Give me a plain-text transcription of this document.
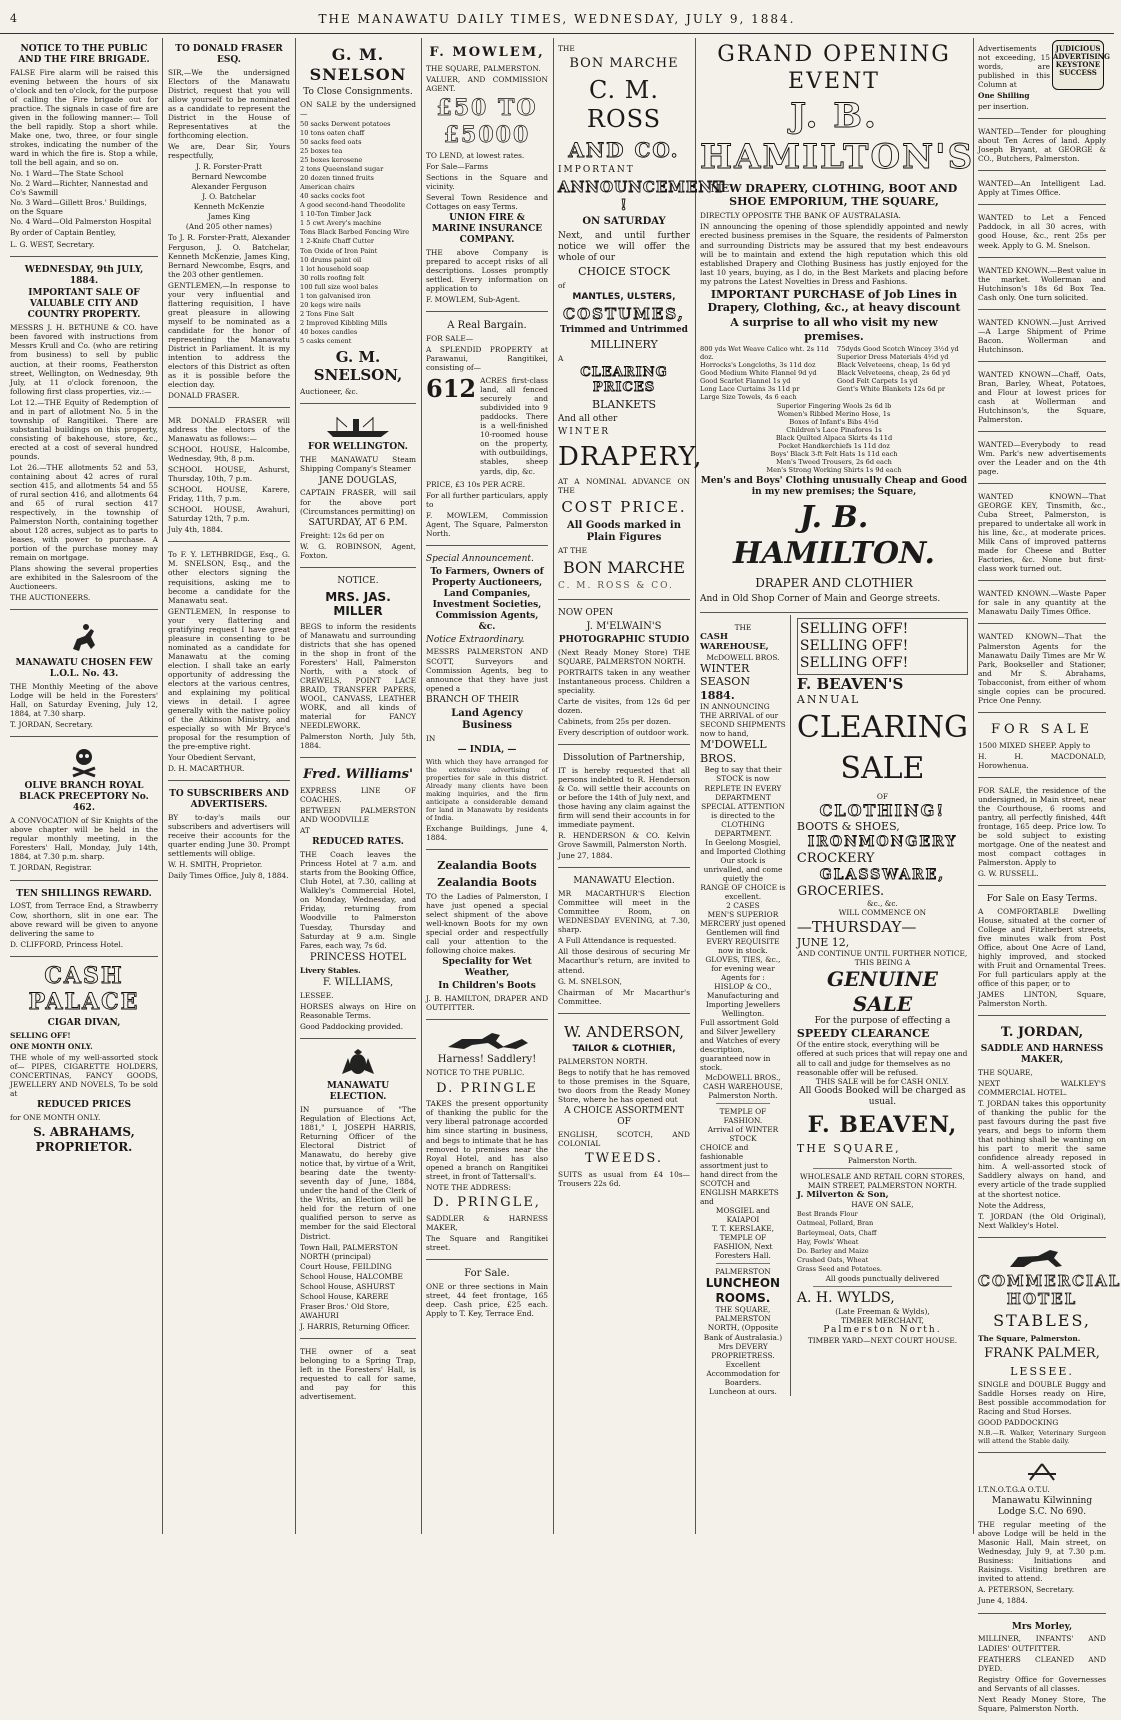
4	THE MANAWATU DAILY TIMES, WEDNESDAY, JULY 9, 1884.
NOTICE TO THE PUBLIC AND THE FIRE BRIGADE.

FALSE Fire alarm will be raised this evening between the hours of six o'clock and ten o'clock, for the purpose of calling the Fire brigade out for practice. The signals in case of fire are given in the following manner:— Toll the bell rapidly. Stop a short while. Make one, two, three, or four single strokes, indicating the number of the ward in which the fire is. Stop a while, toll the bell again, and so on.

No. 1 Ward—The State School
No. 2 Ward—Richter, Nannestad and Co's Sawmill
No. 3 Ward—Gillett Bros.' Buildings, on the Square
No. 4 Ward—Old Palmerston Hospital

By order of Captain Bentley,

L. G. WEST, Secretary.

WEDNESDAY, 9th JULY, 1884.
IMPORTANT SALE OF VALUABLE CITY AND COUNTRY PROPERTY.

MESSRS J. H. BETHUNE & CO. have been favored with instructions from Messrs Krull and Co. (who are retiring from business) to sell by public auction, at their rooms, Featherston street, Wellington, on Wednesday, 9th July, at 11 o'clock forenoon, the following first class properties, viz.:—

Lot 12.—THE Equity of Redemption of and in part of allotment No. 5 in the township of Rangitikei. There are substantial buildings on this property, consisting of bakehouse, store, &c., erected at a cost of several hundred pounds.

Lot 26.—THE allotments 52 and 53, containing about 42 acres of rural section 415, and allotments 54 and 55 of rural section 416, and allotments 64 and 65 of rural section 417 respectively, in the township of Palmerston North, containing together about 128 acres, subject as to parts to leases, with power to purchase. A portion of the purchase money may remain on mortgage.

Plans showing the several properties are exhibited in the Salesroom of the Auctioneers.

THE AUCTIONEERS.

MANAWATU CHOSEN FEW L.O.L. No. 43.

THE Monthly Meeting of the above Lodge will be held in the Foresters' Hall, on Saturday Evening, July 12, 1884, at 7.30 sharp.

T. JORDAN, Secretary.

OLIVE BRANCH ROYAL BLACK PRECEPTORY No. 462.

A CONVOCATION of Sir Knights of the above chapter will be held in the regular monthly meeting, in the Foresters' Hall, Monday, July 14th, 1884, at 7.30 p.m. sharp.

T. JORDAN, Registrar.

TEN SHILLINGS REWARD.

LOST, from Terrace End, a Strawberry Cow, shorthorn, slit in one ear. The above reward will be given to anyone delivering the same to

D. CLIFFORD, Princess Hotel.

CASH PALACE
CIGAR DIVAN,

SELLING OFF!

ONE MONTH ONLY.

THE whole of my well-assorted stock of— PIPES, CIGARETTE HOLDERS, CONCERTINAS, FANCY GOODS, JEWELLERY AND NOVELS, To be sold at

REDUCED PRICES

for ONE MONTH ONLY.

S. ABRAHAMS, PROPRIETOR.
TO DONALD FRASER ESQ.

SIR,—We the undersigned Electors of the Manawatu District, request that you will allow yourself to be nominated as a candidate to represent the District in the House of Representatives at the forthcoming election.

We are, Dear Sir, Yours respectfully,

J. R. Forster-Pratt
Bernard Newcombe
Alexander Ferguson
J. O. Batchelar
Kenneth McKenzie
James King
(And 205 other names)

To J. R. Forster-Pratt, Alexander Ferguson, J. O. Batchelar, Kenneth McKenzie, James King, Bernard Newcombe, Esqrs, and the 203 other gentlemen.

GENTLEMEN,—In response to your very influential and flattering requisition, I have great pleasure in allowing myself to be nominated as a candidate for the honor of representing the Manawatu District in Parliament. It is my intention to address the electors of this District as often as it is possible before the election day.

DONALD FRASER.

MR DONALD FRASER will address the electors of the Manawatu as follows:—

SCHOOL HOUSE, Halcombe, Wednesday, 9th, 8 p.m.

SCHOOL HOUSE, Ashurst, Thursday, 10th, 7 p.m.

SCHOOL HOUSE, Karere, Friday, 11th, 7 p.m.

SCHOOL HOUSE, Awahuri, Saturday 12th, 7 p.m.

July 4th, 1884.

To F. Y. LETHBRIDGE, Esq., G. M. SNELSON, Esq., and the other electors signing the requisitions, asking me to become a candidate for the Manawatu seat.

GENTLEMEN, In response to your very flattering and gratifying request I have great pleasure in consenting to be nominated as a candidate for Manawatu at the coming election. I shall take an early opportunity of addressing the electors at the various centres, and explaining my political views in detail. I agree generally with the native policy of the Atkinson Ministry, and especially so with Mr Bryce's proposal for the resumption of the pre-emptive right.

Your Obedient Servant,

D. H. MACARTHUR.

TO SUBSCRIBERS AND ADVERTISERS.

BY to-day's mails our subscribers and advertisers will receive their accounts for the quarter ending June 30. Prompt settlements will oblige.

W. H. SMITH, Proprietor.

Daily Times Office, July 8, 1884.

G. M. SNELSON
To Close Consignments.

ON SALE by the undersigned—

50 sacks Derwent potatoes
10 tons oaten chaff
50 sacks feed oats
25 boxes tea
25 boxes kerosene
2 tons Queensland sugar
20 dozen tinned fruits
American chairs
40 sacks cocks foot
A good second-hand Theodolite
1 10-Ton Timber Jack
1 5 cwt Avery's machine
Tons Black Barbed Fencing Wire
1 2-Knife Chaff Cutter
Ton Oxide of Iron Paint
10 drums paint oil
1 lot household soap
30 rolls roofing felt
100 full size wool bales
1 ton galvanised iron
20 kegs wire nails
2 Tons Fine Salt
2 Improved Kibbling Mills
40 boxes candles
5 casks cement
G. M. SNELSON,

Auctioneer, &c.

FOR WELLINGTON.

THE MANAWATU Steam Shipping Company's Steamer

JANE DOUGLAS,

CAPTAIN FRASER, will sail for the above port (Circumstances permitting) on

SATURDAY, AT 6 P.M.

Freight: 12s 6d per on

W. G. ROBINSON, Agent, Foxton.

NOTICE.
MRS. JAS. MILLER

BEGS to inform the residents of Manawatu and surrounding districts that she has opened in the shop in front of the Foresters' Hall, Palmerston North, with a stock of CREWELS, POINT LACE BRAID, TRANSFER PAPERS, WOOL, CANVASS, LEATHER WORK, and all kinds of material for FANCY NEEDLEWORK.

Palmerston North, July 5th, 1884.

Fred. Williams'

EXPRESS LINE OF COACHES.

BETWEEN PALMERSTON AND WOODVILLE

AT

REDUCED RATES.

THE Coach leaves the Princess Hotel at 7 a.m. and starts from the Booking Office, Club Hotel, at 7.30, calling at Walkley's Commercial Hotel, on Monday, Wednesday, and Friday, returning from Woodville to Palmerston Tuesday, Thursday and Saturday at 9 a.m. Single Fares, each way, 7s 6d.

PRINCESS HOTEL

Livery Stables.

F. WILLIAMS,

LESSEE.

HORSES always on Hire on Reasonable Terms.

Good Paddocking provided.

MANAWATU ELECTION.

IN pursuance of "The Regulation of Elections Act, 1881," I, JOSEPH HARRIS, Returning Officer of the Electoral District of Manawatu, do hereby give notice that, by virtue of a Writ, bearing date the twenty-seventh day of June, 1884, under the hand of the Clerk of the Writs, an Election will be held for the return of one qualified person to serve as member for the said Electoral District.

Town Hall, PALMERSTON NORTH (principal)
Court House, FEILDING
School House, HALCOMBE
School House, ASHURST
School House, KARERE
Fraser Bros.' Old Store, AWAHURI

J. HARRIS, Returning Officer.

THE owner of a seat belonging to a Spring Trap, left in the Foresters' Hall, is requested to call for same, and pay for this advertisement.

F. MOWLEM,

THE SQUARE, PALMERSTON.

VALUER, AND COMMISSION AGENT.

£50 TO £5000

TO LEND, at lowest rates.

For Sale—Farms

Sections in the Square and vicinity.

Several Town Residence and Cottages on easy Terms.

UNION FIRE & MARINE INSURANCE COMPANY.

THE above Company is prepared to accept risks of all descriptions. Losses promptly settled. Every information on application to

F. MOWLEM, Sub-Agent.

A Real Bargain.

FOR SALE—

A SPLENDID PROPERTY at Parawanui, Rangitikei, consisting of—

612 ACRES first-class land, all fenced securely and subdivided into 9 paddocks. There is a well-finished 10-roomed house on the property, with outbuildings, stables, sheep yards, dip, &c.

PRICE, £3 10s PER ACRE.

For all further particulars, apply to

F. MOWLEM, Commission Agent, The Square, Palmerston North.

Special Announcement.

To Farmers, Owners of Property Auctioneers, Land Companies, Investment Societies, Commission Agents, &c.

Notice Extraordinary.

MESSRS PALMERSTON AND SCOTT, Surveyors and Commission Agents, beg to announce that they have just opened a

BRANCH OF THEIR

Land Agency Business

IN

— INDIA, —

With which they have arranged for the extensive advertising of properties for sale in this district. Already many clients have been making inquiries, and the firm anticipate a considerable demand for land in Manawatu by residents of India.

Exchange Buildings, June 4, 1884.

Zealandia Boots
Zealandia Boots

TO the Ladies of Palmerston, I have just opened a special select shipment of the above well-known Boots for my own special order and respectfully call your attention to the following choice makes.

Speciality for Wet Weather,
In Children's Boots

J. B. HAMILTON, DRAPER AND OUTFITTER.

Harness! Saddlery!

NOTICE TO THE PUBLIC.

D. PRINGLE

TAKES the present opportunity of thanking the public for the very liberal patronage accorded him since starting in business, and begs to intimate that he has removed to premises near the Royal Hotel, and has also opened a branch on Rangitikei street, in front of Tattersall's.

NOTE THE ADDRESS:

D. PRINGLE,

SADDLER & HARNESS MAKER,

The Square and Rangitikei street.

For Sale.

ONE or three sections in Main street, 44 feet frontage, 165 deep. Cash price, £25 each. Apply to T. Key, Terrace End.

THE

BON MARCHE
C. M. ROSS
AND CO.

IMPORTANT

ANNOUNCEMENT !
ON SATURDAY

Next, and until further notice we will offer the whole of our

CHOICE STOCK

of

MANTLES, ULSTERS,
COSTUMES,
Trimmed and Untrimmed
MILLINERY

A

CLEARING PRICES
BLANKETS

And all other

WINTER

DRAPERY,

AT A NOMINAL ADVANCE ON THE

COST PRICE.
All Goods marked in Plain Figures

AT THE

BON MARCHE

C. M. ROSS & CO.

NOW OPEN

J. M'ELWAIN'S
PHOTOGRAPHIC STUDIO

(Next Ready Money Store) THE SQUARE, PALMERSTON NORTH.

PORTRAITS taken in any weather Instantaneous process. Children a speciality.

Carte de visites, from 12s 6d per dozen.

Cabinets, from 25s per dozen.

Every description of outdoor work.

Dissolution of Partnership,

IT is hereby requested that all persons indebted to R. Henderson & Co. will settle their accounts on or before the 14th of July next, and those having any claim against the firm will send their accounts in for immediate payment.

R. HENDERSON & CO. Kelvin Grove Sawmill, Palmerston North.

June 27, 1884.

MANAWATU Election.

MR MACARTHUR'S Election Committee will meet in the Committee Room, on WEDNESDAY EVENING, at 7.30, sharp.

A Full Attendance is requested.

All those desirous of securing Mr Macarthur's return, are invited to attend.

G. M. SNELSON,

Chairman of Mr Macarthur's Committee.

W. ANDERSON,
TAILOR & CLOTHIER,

PALMERSTON NORTH.

Begs to notify that he has removed to those premises in the Square, two doors from the Ready Money Store, where he has opened out

A CHOICE ASSORTMENT OF

ENGLISH, SCOTCH, AND COLONIAL

TWEEDS.

SUITS as usual from £4 10s—Trousers 22s 6d.

GRAND OPENING EVENT
J. B. HAMILTON'S
NEW DRAPERY, CLOTHING, BOOT AND SHOE EMPORIUM, THE SQUARE,

DIRECTLY OPPOSITE THE BANK OF AUSTRALASIA.

IN announcing the opening of those splendidly appointed and newly erected business premises in the Square, the residents of Palmerston and surrounding Districts may be assured that my best endeavours will be to maintain and extend the high reputation which this old established Drapery and Clothing Business has justly enjoyed for the last 10 years, buying, as I do, in the Best Markets and placing before my patrons the Latest Novelties in Dress and Fashions.

IMPORTANT PURCHASE of Job Lines in Drapery, Clothing, &c., at heavy discount
A surprise to all who visit my new premises.
800 yds Wet Weave Calico wht. 2s 11d doz.
Horrocks's Longcloths, 3s 11d doz
Good Medium White Flannel 9d yd
Good Scarlet Flannel 1s yd
Long Lace Curtains 3s 11d pr
Large Size Towels, 4s 6 each
75dyds Good Scotch Wincey 3½d yd
Superior Dress Materials 4½d yd
Black Velveteens, cheap, 1s 6d yd
Black Velveteens, cheap, 2s 6d yd
Good Felt Carpets 1s yd
Gent's White Blankets 12s 6d pr
Superior Fingering Wools 2s 6d lb
Women's Ribbed Merino Hose, 1s
Boxes of Infant's Bibs 4½d
Children's Lace Pinafores 1s
Black Quilted Alpaca Skirts 4s 11d
Pocket Handkerchiefs 1s 11d doz
Boys' Black 3-ft Felt Hats 1s 11d each
Men's Tweed Trousers, 2s 6d each
Men's Strong Working Shirts 1s 9d each
Men's and Boys' Clothing unusually Cheap and Good in my new premises; the Square,
J. B. HAMILTON.
DRAPER AND CLOTHIER

And in Old Shop Corner of Main and George streets.

THE

CASH WAREHOUSE,

McDOWELL BROS.

WINTER SEASON
1884.

IN ANNOUNCING THE ARRIVAL of our SECOND SHIPMENTS now to hand,

M'DOWELL BROS.

Beg to say that their STOCK is now REPLETE IN EVERY DEPARTMENT

SPECIAL ATTENTION is directed to the CLOTHING DEPARTMENT.

In Geelong Mosgiel, and Imported Clothing Our stock is unrivalled, and come quietly the

RANGE OF CHOICE is excellent.

2 CASES

MEN'S SUPERIOR MERCERY just opened

Gentlemen will find

EVERY REQUISITE now in stock.

GLOVES, TIES, &c., for evening wear

Agents for :

HISLOP & CO.,

Manufacturing and Importing Jewellers Wellington.

Full assortment Gold and Silver Jewellery and Watches of every description, guaranteed now in stock.

McDOWELL BROS.,

CASH WAREHOUSE,

Palmerston North.

TEMPLE OF FASHION.

Arrival of WINTER STOCK

CHOICE and fashionable assortment just to hand direct from the SCOTCH and ENGLISH MARKETS and

MOSGIEL and KAIAPOI

T. T. KERSLAKE, TEMPLE OF FASHION, Next Foresters Hall.

PALMERSTON

LUNCHEON ROOMS.

THE SQUARE, PALMERSTON NORTH, (Opposite Bank of Australasia.)

Mrs DEVERY PROPRIETRESS.

Excellent Accommodation for Boarders.

Luncheon at ours.

SELLING OFF!
SELLING OFF!
SELLING OFF!
F. BEAVEN'S
ANNUAL
CLEARING
SALE

OF

CLOTHING!
BOOTS & SHOES,
IRONMONGERY
CROCKERY
GLASSWARE,
GROCERIES.

&c., &c.

WILL COMMENCE ON

—THURSDAY—
JUNE 12,

AND CONTINUE UNTIL FURTHER NOTICE,

THIS BEING A

GENUINE SALE

For the purpose of effecting a

SPEEDY CLEARANCE

Of the entire stock, everything will be offered at such prices that will repay one and all to call and judge for themselves as no reasonable offer will be refused.

THIS SALE will be for CASH ONLY.

All Goods Booked will be charged as usual.

F. BEAVEN,
THE SQUARE,

Palmerston North.

WHOLESALE AND RETAIL CORN STORES,

MAIN STREET, PALMERSTON NORTH.

J. Milverton & Son,

HAVE ON SALE,

Best Brands Flour
Oatmeal, Pollard, Bran
Barleymeal, Oats, Chaff
Hay, Fowls' Wheat
Do. Barley and Maize
Crushed Oats, Wheat
Grass Seed and Potatoes.

All goods punctually delivered

A. H. WYLDS,

(Late Freeman & Wylds),

TIMBER MERCHANT,

Palmerston North.

TIMBER YARD—NEXT COURT HOUSE.

Advertisements not exceeding, 15 words, are published in this Column at

One Shilling

per insertion.

JUDICIOUS
ADVERTISING
KEYSTONE
SUCCESS

WANTED—Tender for ploughing about Ten Acres of land. Apply Joseph Bryant, at GEORGE & CO., Butchers, Palmerston.

WANTED—An Intelligent Lad. Apply at Times Office.

WANTED to Let a Fenced Paddock, in all 30 acres, with good House, &c., rent 25s per week. Apply to G. M. Snelson.

WANTED KNOWN.—Best value in the market. Wollerman and Hutchinson's 18s 6d Box Tea. Cash only. One turn solicited.

WANTED KNOWN.—Just Arrived—A Large Shipment of Prime Bacon. Wollerman and Hutchinson.

WANTED KNOWN—Chaff, Oats, Bran, Barley, Wheat, Potatoes, and Flour at lowest prices for cash at Wollerman and Hutchinson's, the Square, Palmerston.

WANTED—Everybody to read Wm. Park's new advertisements over the Leader and on the 4th page.

WANTED KNOWN—That GEORGE KEY, Tinsmith, &c., Cuba Street, Palmerston, is prepared to undertake all work in his line, &c., at moderate prices. Milk Cans of improved patterns made for Cheese and Butter Factories, &c. None but first-class work turned out.

WANTED KNOWN.—Waste Paper for sale in any quantity at the Manawatu Daily Times Office.

WANTED KNOWN—That the Palmerston Agents for the Manawatu Daily Times are Mr W. Park, Bookseller and Stationer, and Mr S. Abrahams, Tobacconist, from either of whom single copies can be procured. Price One Penny.

FOR SALE

1500 MIXED SHEEP. Apply to

H. H. MACDONALD, Horowhenua.

FOR SALE, the residence of the undersigned, in Main street, near the Courthouse, 6 rooms and pantry, all perfectly finished, 44ft frontage, 165 deep. Price low. To be sold subject to existing mortgage. One of the neatest and most compact cottages in Palmerston. Apply to

G. W. RUSSELL.

For Sale on Easy Terms.

A COMFORTABLE Dwelling House, situated at the corner of College and Fitzherbert streets, five minutes walk from Post Office, about One Acre of Land, highly improved, and stocked with Fruit and Ornamental Trees. For full particulars apply at the office of this paper, or to

JAMES LINTON, Square, Palmerston North.

T. JORDAN,
SADDLE AND HARNESS MAKER,

THE SQUARE,

NEXT WALKLEY'S COMMERCIAL HOTEL.

T. JORDAN takes this opportunity of thanking the public for the past favours during the past five years, and begs to inform them that nothing shall be wanting on his part to merit the same confidence already reposed in him. A well-assorted stock of Saddlery always on hand, and every article of the trade supplied at the shortest notice.

Note the Address,

T. JORDAN (the Old Original), Next Walkley's Hotel.

COMMERCIAL HOTEL
STABLES,

The Square, Palmerston.

FRANK PALMER,
LESSEE.

SINGLE and DOUBLE Buggy and Saddle Horses ready on Hire, Best possible accommodation for Racing and Stud Horses.

GOOD PADDOCKING

N.B.—R. Walker, Veterinary Surgeon will attend the Stable daily.

I.T.N.O.T.G.A O.T.U.

Manawatu Kilwinning Lodge S.C. No 690.

THE regular meeting of the above Lodge will be held in the Masonic Hall, Main street, on Wednesday, July 9, at 7.30 p.m. Business: Initiations and Raisings. Visiting brethren are invited to attend.

A. PETERSON, Secretary.

June 4, 1884.

Mrs Morley,

MILLINER, INFANTS' AND LADIES' OUTFITTER.

FEATHERS CLEANED AND DYED.

Registry Office for Governesses and Servants of all classes.

Next Ready Money Store, The Square, Palmerston North.
